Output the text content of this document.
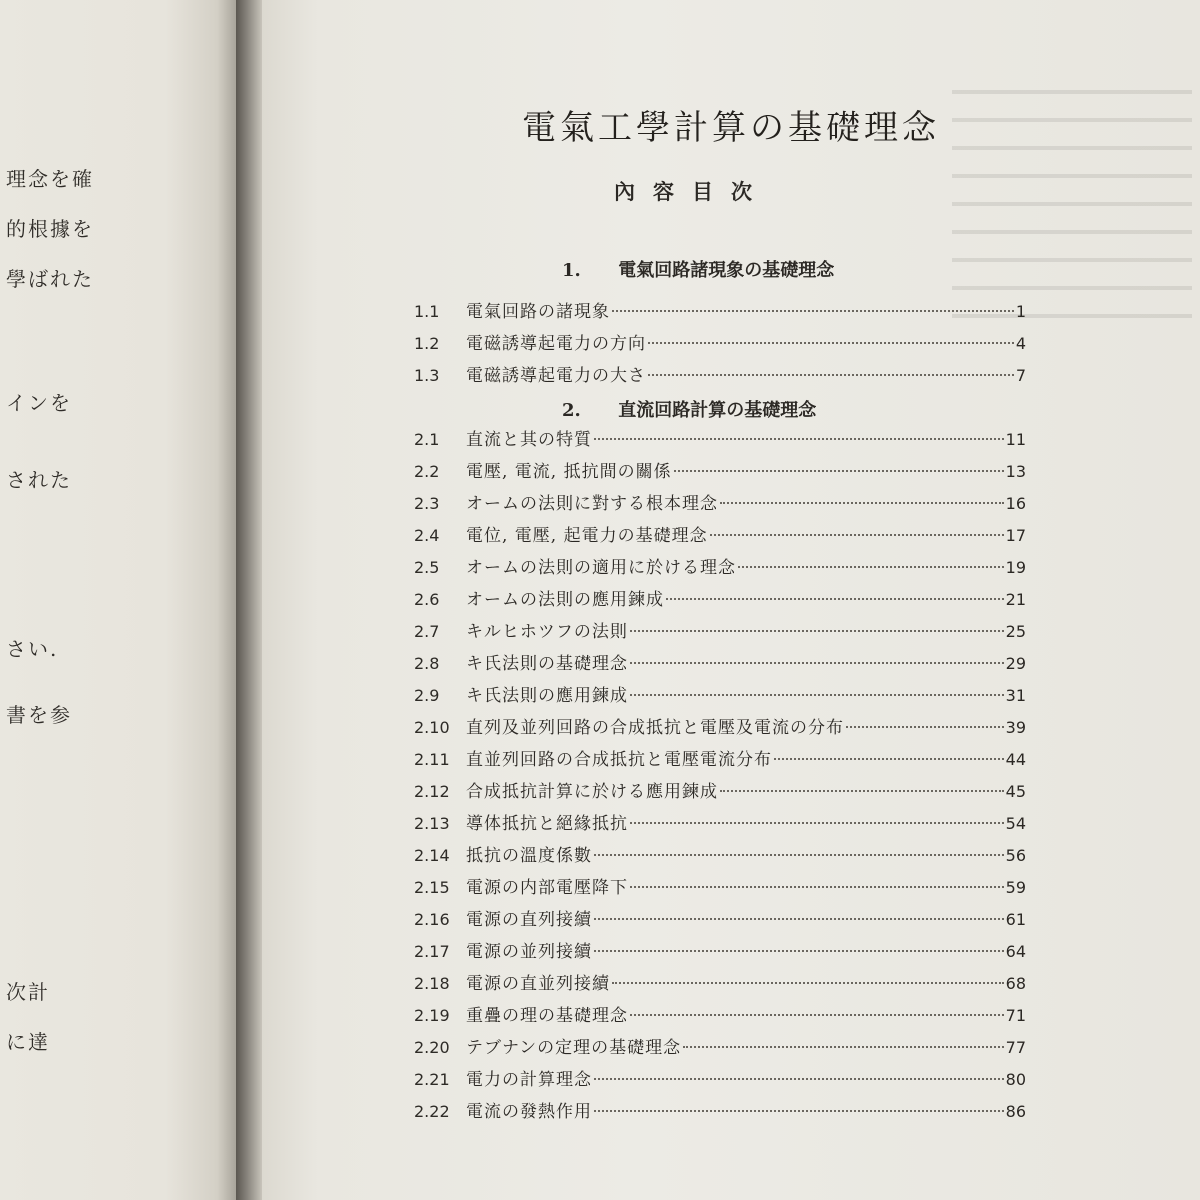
理念を確
的根據を
學ばれた
インを
された
さい.
書を参
次計
に達
電氣工學計算の基礎理念
內容目次
1. 電氣回路諸現象の基礎理念
1.1	電氣回路の諸現象	1
1.2	電磁誘導起電力の方向	4
1.3	電磁誘導起電力の大さ	7
2. 直流回路計算の基礎理念
2.1	直流と其の特質	11
2.2	電壓, 電流, 抵抗間の關係	13
2.3	オームの法則に對する根本理念	16
2.4	電位, 電壓, 起電力の基礎理念	17
2.5	オームの法則の適用に於ける理念	19
2.6	オームの法則の應用鍊成	21
2.7	キルヒホツフの法則	25
2.8	キ氏法則の基礎理念	29
2.9	キ氏法則の應用鍊成	31
2.10 直列及並列回路の合成抵抗と電壓及電流の分布	39
2.11 直並列回路の合成抵抗と電壓電流分布	44
2.12 合成抵抗計算に於ける應用鍊成	45
2.13 導体抵抗と絕緣抵抗	54
2.14 抵抗の溫度係數	56
2.15 電源の内部電壓降下	59
2.16 電源の直列接續	61
2.17 電源の並列接續	64
2.18 電源の直並列接續	68
2.19 重疊の理の基礎理念	71
2.20 テブナンの定理の基礎理念	77
2.21 電力の計算理念	80
2.22 電流の發熱作用	86
